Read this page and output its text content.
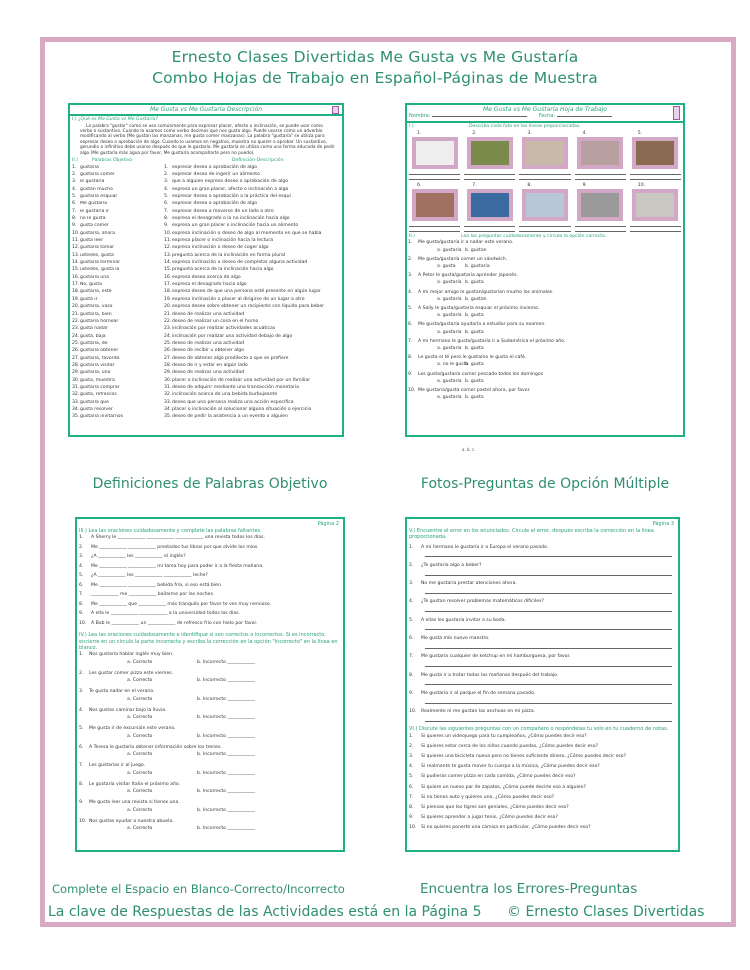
Ernesto Clases Divertidas Me Gusta vs Me Gustaría
Combo Hojas de Trabajo en Español-Páginas de Muestra
Me Gusta vs Me Gustaría Descripción
I.) ¿Qué es Me Gusta vs Me Gustaría?
La palabra "gustar" como se usa comúnmente para expresar placer, afecto o inclinación, se puede usar como verbo o sustantivo. Cuando lo usamos como verbo decimos que nos gusta algo. Puede usarse como un adverbio modificando al verbo (Me gustan las manzanas, me gusta comer manzanas). La palabra "gustaría" se utiliza para expresar deseo o aprobación de algo. Cuando lo usamos en negativo, muestra no querer o aprobar. Un sustantivo, gerundio o infinitivo debe usarse después de que le gustaría. Me gustaría se utiliza como una forma educada de pedir algo (Me gustaría más agua por favor, Me gustaría acompañarte pero no puedo).
II.)	Palabras Objetivo	Definición-Descripción
1. gustaría	1. expresar deseo o aprobación de algo
2. gustaría comer	2. expresar deseo de ingerir un alimento
3. le gustaría	3. que a alguien expresa deseo o aprobación de algo
4. gustan mucho	4. expresa un gran placer, afecto o inclinación a algo
5. gustaría esquiar	5. expresar deseo o aprobación a la práctica del esquí
6. Me gustaría	6. expresar deseo o aprobación de algo
7. le gustaría ir	7. expresar deseo a moverse de un lado a otro
8. no le gusta	8. expresa el desagrado o la no inclinación hacia algo
9. gusta comer	9. expresa un gran placer o inclinación hacia un alimento
10. gustaría, ahora	10. expresa inclinación o deseo de algo al momento en que se habla
11. gusta leer	11. expresa placer o inclinación hacia la lectura
12. gustaría tomar	12. expresa inclinación o deseo de coger algo
13. ustedes, gusta	13. pregunta acerca de la inclinación en forma plural
14. gustaría terminar	14. expresa inclinación o deseo de completar alguna actividad
15. ustedes, gusta la	15. pregunta acerca de la inclinación hacia algo
16. gustaría una	16. expresa deseo acerca de algo
17. No, gusta	17. expresa el desagrado hacia algo
18. gustaría, esté	18. expresa deseo de que una persona esté presente en algún lugar
19. gusta ir	19. expresa inclinación o placer al dirigirse de un lugar a otro
20. gustaría, vaso	20. expresa deseo sobre obtener un recipiente con líquido para beber
21. gustaría, bien	21. deseo de realizar una actividad
22. gustaría hornear	22. deseo de realizar un cosa en el horno
23. gusta nadar	23. inclinación por realizar actividades acuáticas
24. gusta, baja	24. inclinación por realizar una actividad debajo de algo
25. gustaría, de	25. deseo de realizar una actividad
26. gustaría obtener	26. deseo de recibir u obtener algo
27. gustaría, favorito	27. deseo de obtener algo predilecto o que se prefiere
28. gustaría visitar	28. deseo de ir y estar en algún lado
29. gustaría, una	29. deseo de realizar una actividad
30. gusta, muestra	30. placer o inclinación de realizar una actividad por un familiar
31. gustaría comprar	31. deseo de adquirir mediante una transacción monetaria
32. gusta, refrescos	32. inclinación acerca de una bebida burbujeante
33. gustaría que	33. deseo que una persona realiza una acción específica
34. gusta resolver	34. placer o inclinación al solucionar alguna situación o ejercicio
35. gustaría invitarnos	35. deseo de pedir la asistencia a un evento o alguien
Me Gusta vs Me Gustaría Hoja de Trabajo
Nombre:	Fecha:
I.)	Describa cada foto en las líneas proporcionadas.
1.	2.	3.	4.	5.
6.	7.	8.	9.	10.
II.)	Lea las preguntas cuidadosamente y circule la opción correcta.
1.	Me gusta/gustaría ir a nadar este verano.
a. gustaría b. gustan
2.	Me gusta/gustaría comer un sándwich.
a. gusta	b. gustaría
3.	A Peter le gusta/gustaría aprender japonés.
a. gustaría b. gusta
4.	A mi mejor amigo le gustan/gustarían mucho los animales.
a. gustaría b. gustan
5.	A Sally le gusta/gustaría esquiar el próximo invierno.
a. gustaría b. gusta
6.	Me gusta/gustaría ayudarla a estudiar para su examen.
a. gustaría b. gusta
7.	A mi hermano le gusta/gustaría ir a Sudamérica el próximo año.
a. gustaría b. gusta
8.	Le gusta el té pero le gusta/no le gusta el café.
a. no le gusta
b. gusta
9.	Les gusta/gustaría comer pescado todos los domingos
a. gustaría b. gusta
10. Me gustaría/gusta comer pastel ahora, por favor.
a. gustaría b. gusta
a. b. c.
Definiciones de Palabras Objetivo	Fotos-Preguntas de Opción Múltiple
Página 2
III.) Lea las oraciones cuidadosamente y complete las palabras faltantes.
1.	A Sherry le ____________ ____________ ____________ una revista todos los días.
2.	Me ____________ ____________ prestados tus libros por que olvide los míos.
3.	¿A ____________ les ____________ el inglés?
4.	Me ____________ ____________ mi tarea hoy para poder ir a la fiesta mañana.
5.	¿A ____________ les ____________ ____________ leche?
6.	Me ____________ ____________ bebida fría, si eso está bien.
7.	____________ me ____________ bailarme por las noches.
8.	Me ____________ que ____________ más tranquilo por favor te ves muy nervioso.
9.	A ella le ____________ ____________ a la universidad todos los días.
10.	A Bob le ____________ un ____________ de refresco frío con hielo por favor.
IV.) Lea las oraciones cuidadosamente e identifique si son correctos o incorrectos. Si es incorrecto, encierre en un círculo la parte incorrecta y escriba la corrección en la opción "Incorrecto" en la línea en blanco.
1.	Nos gustaría hablar inglés muy bien.
a. Correcto	b. Incorrecto ____________
2.	Les gustar comer pizza este viernes.
a. Correcto	b. Incorrecto ____________
3.	Te gusta nadar en el verano.
a. Correcto	b. Incorrecto ____________
4.	Nos gustas caminar bajo la lluvia.
a. Correcto	b. Incorrecto ____________
5.	Me gusta ir de excursión este verano.
a. Correcto	b. Incorrecto ____________
6.	A Teresa le gustaría obtener información sobre los trenes.
a. Correcto	b. Incorrecto ____________
7.	Les gustarías ir al juego.
a. Correcto	b. Incorrecto ____________
8.	Le gustaría visitar Italia el próximo año.
a. Correcto	b. Incorrecto ____________
9.	Me gusta leer una revista si tienes una.
a. Correcto	b. Incorrecto ____________
10. Nos gustas ayudar a nuestra abuela.
a. Correcto	b. Incorrecto ____________
Página 3
V.) Encuentre el error en los enunciados. Circule el error, después escriba la corrección en la línea proporcionada.
1.	A mi hermano le gustaría ir a Europa el verano pasado.
2.	¿Te gustaría algo a beber?
3.	No me gustaría prestar atenciones ahora.
4.	¿Te gustan resolver problemas matemáticos difíciles?
5.	A ellas les gustaría invitar a su boda.
6.	Me gusta mío nuevo maestro.
7.	Me gustaría cualquier de ketchup en mi hamburguesa, por favor.
8.	Me gusta ir a trotar todas las mañanas después del trabajo.
9.	Me gustaría ir al parque el fin de semana pasado.
10.	Realmente ni me gustan las anchoas en mi pizza.
VI.) Discute las siguientes preguntas con un compañero o respóndelas tu solo en tu cuaderno de notas.
1.	Si quieres un videojuego para tu cumpleaños, ¿Cómo puedes decir eso?
2.	Si quieres estar cerca de los niños cuando puedas, ¿Cómo puedes decir eso?
3.	Si quieres una bicicleta nueva pero no tienes suficiente dinero, ¿Cómo puedes decir eso?
4.	Si realmente te gusta mover tu cuerpo a la música, ¿Cómo puedes decir eso?
5.	Si pudieras comer pizza en cada comida, ¿Cómo puedes decir eso?
6.	Si quiere un nuevo par de zapatos, ¿Cómo puede decirle eso a alguien?
7.	Si no tienes auto y quieres uno, ¿Cómo puedes decir eso?
8.	Si piensas que los tigres son geniales, ¿Cómo puedes decir eso?
9.	Si quieres aprender a jugar tenis, ¿Cómo puedes decir eso?
10.	Si no quieres ponerte una camisa en particular, ¿Cómo puedes decir eso?
Complete el Espacio en Blanco-Correcto/Incorrecto	Encuentra los Errores-Preguntas
La clave de Respuestas de las Actividades está en la Página 5 © Ernesto Clases Divertidas
